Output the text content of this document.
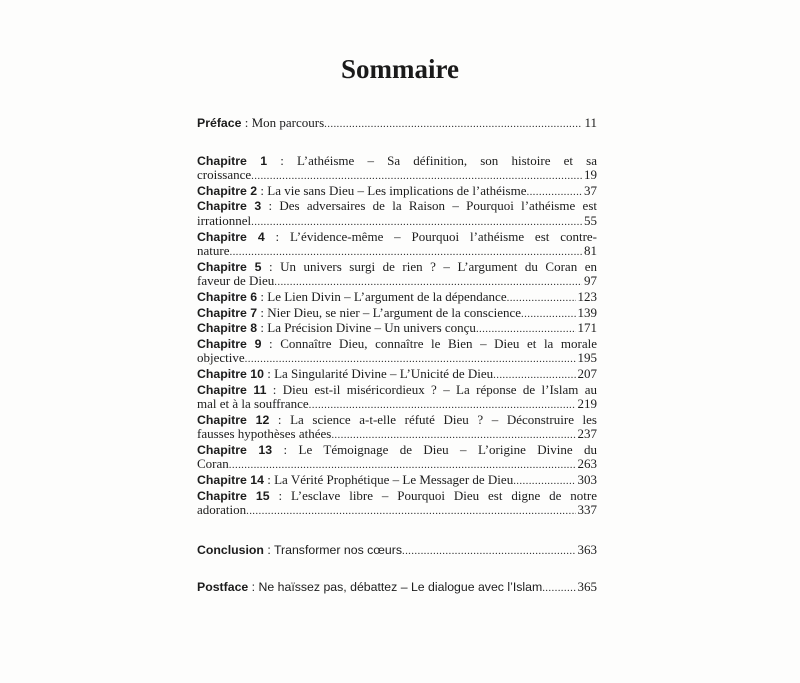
Sommaire
Préface : Mon parcours . . .	11
Chapitre 1 : L’athéisme – Sa définition, son histoire et sa
croissance . . .	19
Chapitre 2 : La vie sans Dieu – Les implications de l’athéisme . . .	37
Chapitre 3 : Des adversaires de la Raison – Pourquoi l’athéisme est
irrationnel . . .	55
Chapitre 4 : L’évidence-même – Pourquoi l’athéisme est contre-
nature . . .	81
Chapitre 5 : Un univers surgi de rien ? – L’argument du Coran en
faveur de Dieu . . .	97
Chapitre 6 : Le Lien Divin – L’argument de la dépendance . . .	123
Chapitre 7 : Nier Dieu, se nier – L’argument de la conscience . . .	139
Chapitre 8 : La Précision Divine – Un univers conçu . . .	171
Chapitre 9 : Connaître Dieu, connaître le Bien – Dieu et la morale
objective . . .	195
Chapitre 10 : La Singularité Divine – L’Unicité de Dieu . . .	207
Chapitre 11 : Dieu est-il miséricordieux ? – La réponse de l’Islam au
mal et à la souffrance . . .	219
Chapitre 12 : La science a-t-elle réfuté Dieu ? – Déconstruire les
fausses hypothèses athées . . .	237
Chapitre 13 : Le Témoignage de Dieu – L’origine Divine du
Coran . . .	263
Chapitre 14 : La Vérité Prophétique – Le Messager de Dieu . . .	303
Chapitre 15 : L’esclave libre – Pourquoi Dieu est digne de notre
adoration . . .	337
Conclusion : Transformer nos cœurs . . .	363
Postface : Ne haïssez pas, débattez – Le dialogue avec l’Islam . . .	365
